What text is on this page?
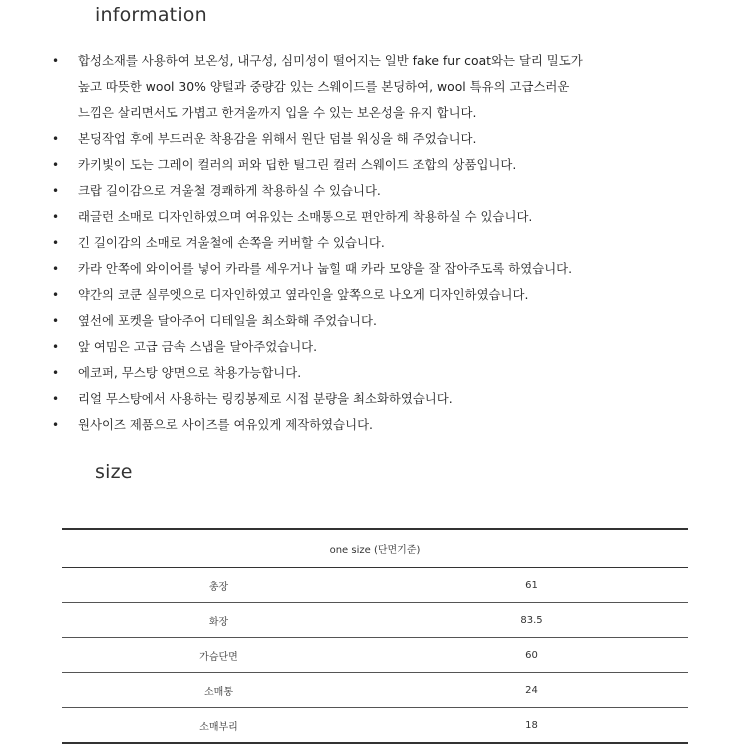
information
• 합성소재를 사용하여 보온성, 내구성, 심미성이 떨어지는 일반 fake fur coat와는 달리 밀도가
높고 따뜻한 wool 30% 양털과 중량감 있는 스웨이드를 본딩하여, wool 특유의 고급스러운
느낌은 살리면서도 가볍고 한겨울까지 입을 수 있는 보온성을 유지 합니다.
• 본딩작업 후에 부드러운 착용감을 위해서 원단 덤블 워싱을 해 주었습니다.
• 카키빛이 도는 그레이 컬러의 퍼와 딥한 틸그린 컬러 스웨이드 조합의 상품입니다.
• 크랍 길이감으로 겨울철 경쾌하게 착용하실 수 있습니다.
• 래글런 소매로 디자인하였으며 여유있는 소매통으로 편안하게 착용하실 수 있습니다.
• 긴 길이감의 소매로 겨울철에 손쪽을 커버할 수 있습니다.
• 카라 안쪽에 와이어를 넣어 카라를 세우거나 눕힐 때 카라 모양을 잘 잡아주도록 하였습니다.
• 약간의 코쿤 실루엣으로 디자인하였고 옆라인을 앞쪽으로 나오게 디자인하였습니다.
• 옆선에 포켓을 달아주어 디테일을 최소화해 주었습니다.
• 앞 여밈은 고급 금속 스냅을 달아주었습니다.
• 에코퍼, 무스탕 양면으로 착용가능합니다.
• 리얼 무스탕에서 사용하는 링킹봉제로 시접 분량을 최소화하였습니다.
• 원사이즈 제품으로 사이즈를 여유있게 제작하였습니다.
size
one size (단면기준)	
총장	61
화장	83.5
가슴단면	60
소매통	24
소매부리	18
